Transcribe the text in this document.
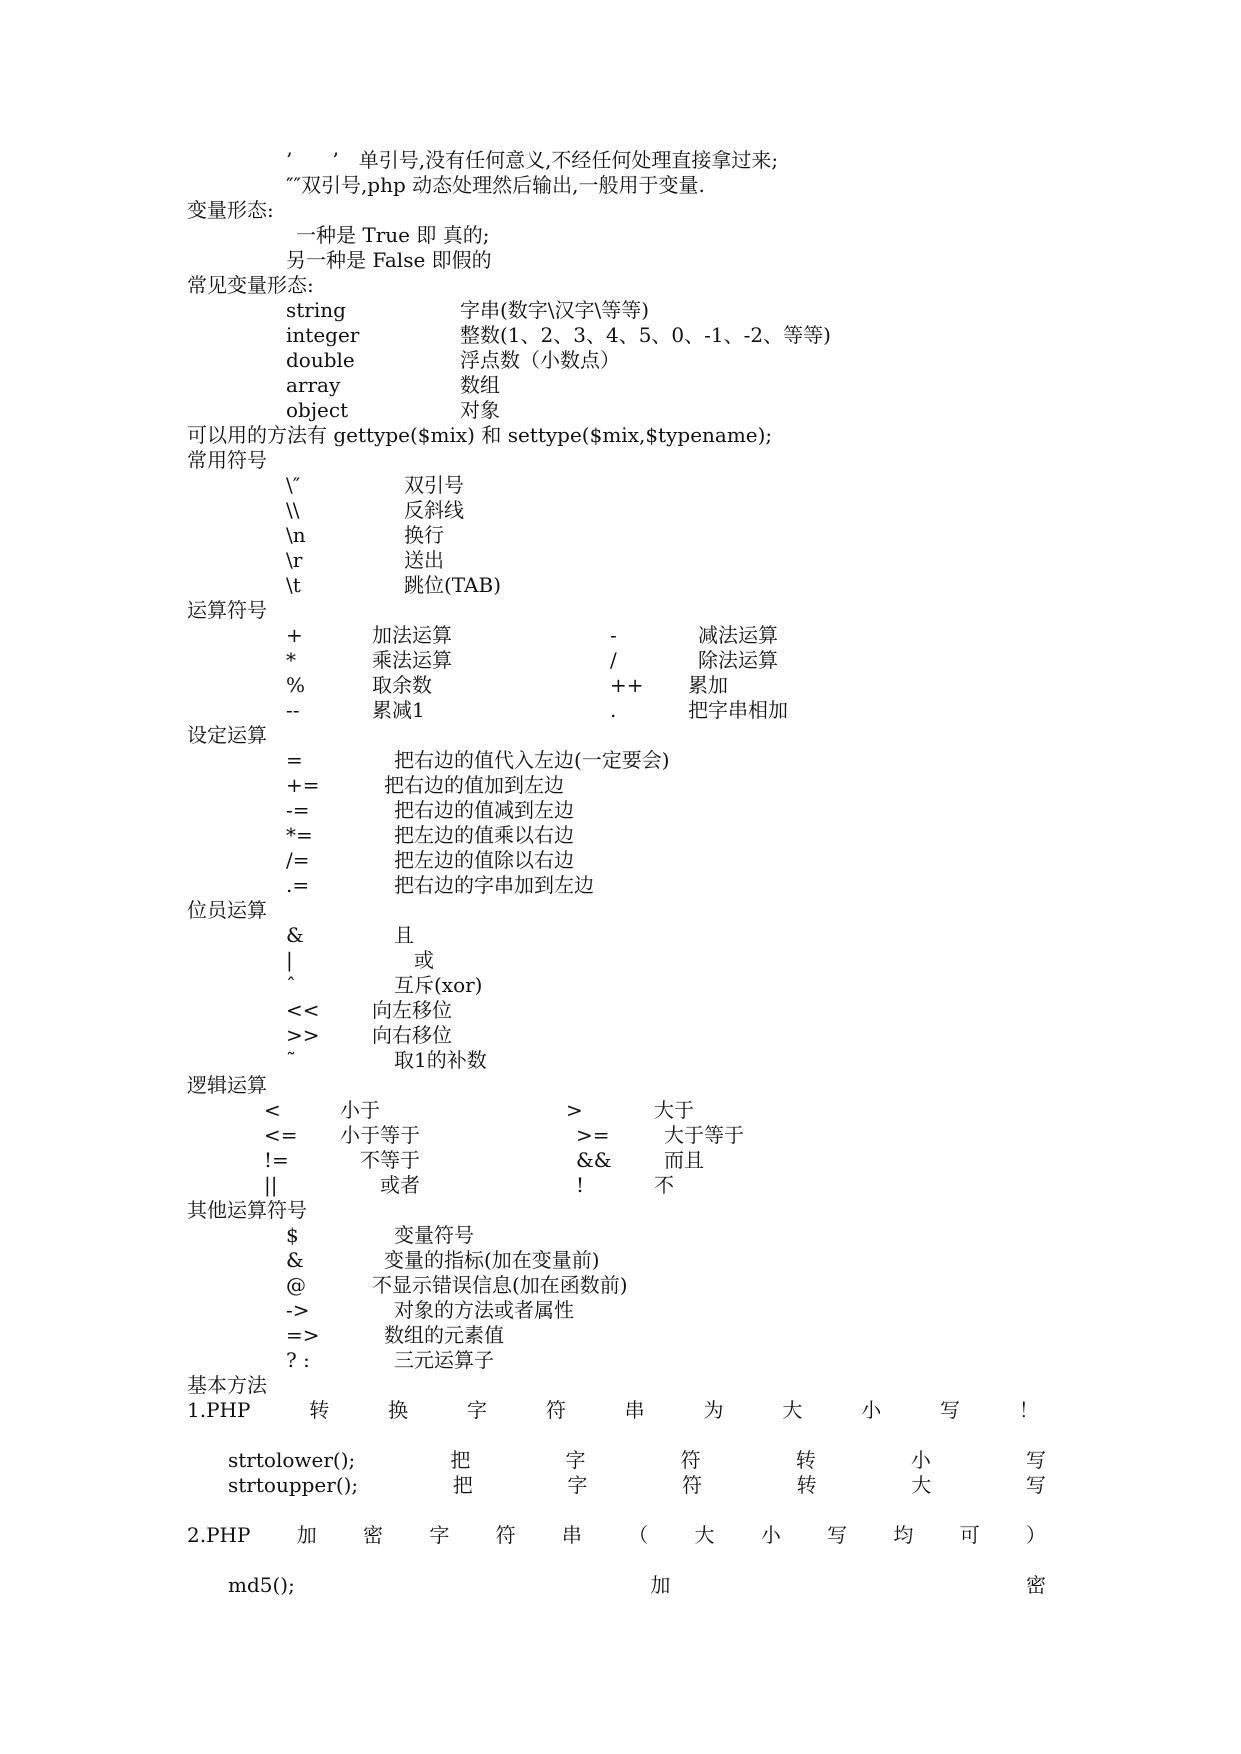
’　　’　单引号,没有任何意义,不经任何处理直接拿过来;
″″双引号,php 动态处理然后输出,一般用于变量.
变量形态:
一种是 True 即 真的;
另一种是 False 即假的
常见变量形态:
string	字串(数字\汉字\等等)
integer	整数(1、2、3、4、5、0、-1、-2、等等)
double	浮点数（小数点）
array	数组
object	对象
可以用的方法有 gettype($mix) 和 settype($mix,$typename);
常用符号
\″	双引号
\\	反斜线
\n	换行
\r	送出
\t	跳位(TAB)
运算符号
+	加法运算	-	减法运算
*	乘法运算	/	除法运算
%	取余数	++ 累加
--	累减1	.	把字串相加
设定运算
=	把右边的值代入左边(一定要会)
+=	把右边的值加到左边
-=	把右边的值减到左边
*=	把左边的值乘以右边
/=	把左边的值除以右边
.=	把右边的字串加到左边
位员运算
&	且
|	或
ˆ	互斥(xor)
<<	向左移位
>>	向右移位
˜	取1的补数
逻辑运算
<	小于	>	大于
<= 小于等于	>=	大于等于
!=	不等于	&&	而且
||	或者	!	不
其他运算符号
$	变量符号
&	变量的指标(加在变量前)
@	不显示错误信息(加在函数前)
->	对象的方法或者属性
=>	数组的元素值
? :	三元运算子
基本方法
1.PHP	转	换	字	符	串	为	大	小	写	！
strtolower();	把	字	符	转	小	写
strtoupper();	把	字	符	转	大	写
2.PHP 加 密 字 符 串 （ 大 小 写 均 可 ）
md5();	加	密
